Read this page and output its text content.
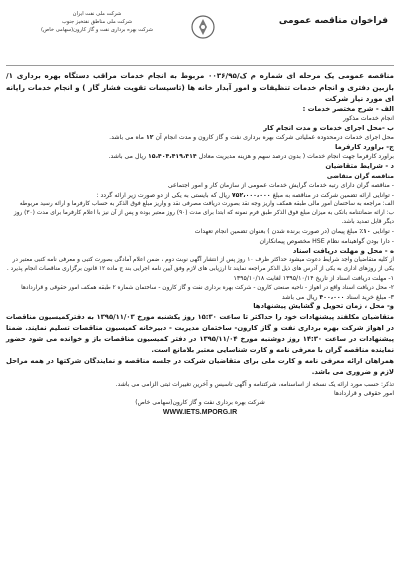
فراخوان مناقصه عمومی
شرکت ملی نفت ایران
شرکت ملی مناطق نفتخیز جنوب
شرکت بهره برداری نفت و گاز کارون(سهامی خاص)
مناقصه عمومی یک مرحله ای شماره م ک/۰۰۳۶/۹۵ مربوط به انجام خدمات مراقب دستگاه بهره برداری ۱/ بازبین دفتری و انجام خدمات تنظیفات و امور آبدار خانه ها (تاسیسات تقویت فشار گاز ) و انجام خدمات رایانه ای مورد نیاز شرکت
الف - شرح مختصر خدمات :
انجام خدمات مذکور
ب -محل اجرای خدمات و مدت انجام کار
محل اجرای خدمات درمحدوده عملیاتی شرکت بهره برداری نفت و گاز کارون و مدت انجام آن ۱۲ ماه می باشد.
ج- براورد کارفرما
براورد کارفرما جهت انجام خدمات ( بدون درصد سهم و هزینه مدیریت معادل ۱۵،۴۰۴،۴۱۹،۴۱۴ ریال می باشد.
د - شرایط متقاضیان
مناقصه گران متقاضی
- مناقصه گران دارای رتبه خدمات گرایش خدمات عمومی از سازمان کار و امور اجتماعی
- توانایی ارائه تضمین شرکت در مناقصه به مبلغ ۷۵۲،۰۰۰،۰۰۰ ریال که بایستی به یکی از دو صورت زیر ارائه گردد :
الف: مراجعه به ساختمان امور مالی طبقه همکف واریز وجه نقد بصورت دریافت مصرفی نقد و واریز مبلغ فوق الذکر به حساب کارفرما و ارائه رسید مربوطه
ب: ارائه ضمانتنامه بانکی به میزان مبلغ فوق الذکر طبق فرم نمونه که ابتدا برای مدت (۹۰) روز معتبر بوده و پس از آن نیز با اعلام کارفرما برای مدت (۳۰) روز دیگر قابل تمدید باشد.
- توانایی ۱۰٪ مبلغ پیمان (در صورت برنده شدن ) بعنوان تضمین انجام تعهدات
- دارا بودن گواهینامه نظام HSE مخصوص پیمانکاران
ه - محل و مهلت دریافت اسناد
از کلیه متقاضیان واجد شرایط دعوت میشود حداکثر ظرف ۱۰ روز پس از انتشار آگهی نوبت دوم ، ضمن اعلام آمادگی بصورت کتبی و معرفی نامه کتبی معتبر در یکی از روزهای اداری به یکی از آدرس های ذیل الذکر مراجعه نمایند تا ارزیابی های لازم وفق آیین نامه اجرایی بند ج ماده ۱۲ قانون برگزاری مناقصات انجام پذیرد .
۱- مهلت دریافت اسناد از تاریخ ۱۳۹۵/۱۰/۱۴ لغایت ۱۳۹۵/۱۰/۱۸
۲- محل دریافت اسناد واقع در اهواز - ناحیه صنعتی کارون - شرکت بهره برداری نفت و گاز کارون - ساختمان شماره ۲ طبقه همکف امور حقوقی و قراردادها
۳- مبلغ خرید اسناد ۴۰۰،۰۰۰ ریال می باشد
و- محل ، زمان تحویل و گشایش پیشنهادها
متقاضیان مکلفند پیشنهادات خود را حداکثر تا ساعت ۱۵:۳۰ روز یکشنبه مورخ ۱۳۹۵/۱۱/۰۳ به دفترکمیسیون مناقصات در اهواز شرکت بهره برداری نفت و گاز کارون- ساختمان مدیریت - دبیرخانه کمیسیون مناقصات تسلیم نمایند. ضمنا پیشنهادات در ساعت ۱۴:۳۰ روز دوشنبه مورخ ۱۳۹۵/۱۱/۰۴ در دفتر کمیسیون مناقصات باز و خوانده می شود حضور نماینده مناقصه گران با معرفی نامه و کارت شناسایی معتبر بلامانع است.
همراهان ارائه معرفی نامه و کارت ملی برای متقاضیان شرکت در جلسه مناقصه و نمایندگان شرکتها در همه مراحل لازم و ضروری می باشد.
تذکر: حسب مورد ارائه یک نسخه از اساسنامه، شرکتنامه و آگهی تاسیس و آخرین تغییرات ثبتی الزامی می باشد.
امور حقوقی و قراردادها
شرکت بهره برداری نفت و گاز کارون(سهامی خاص)
WWW.IETS.MPORG.IR
